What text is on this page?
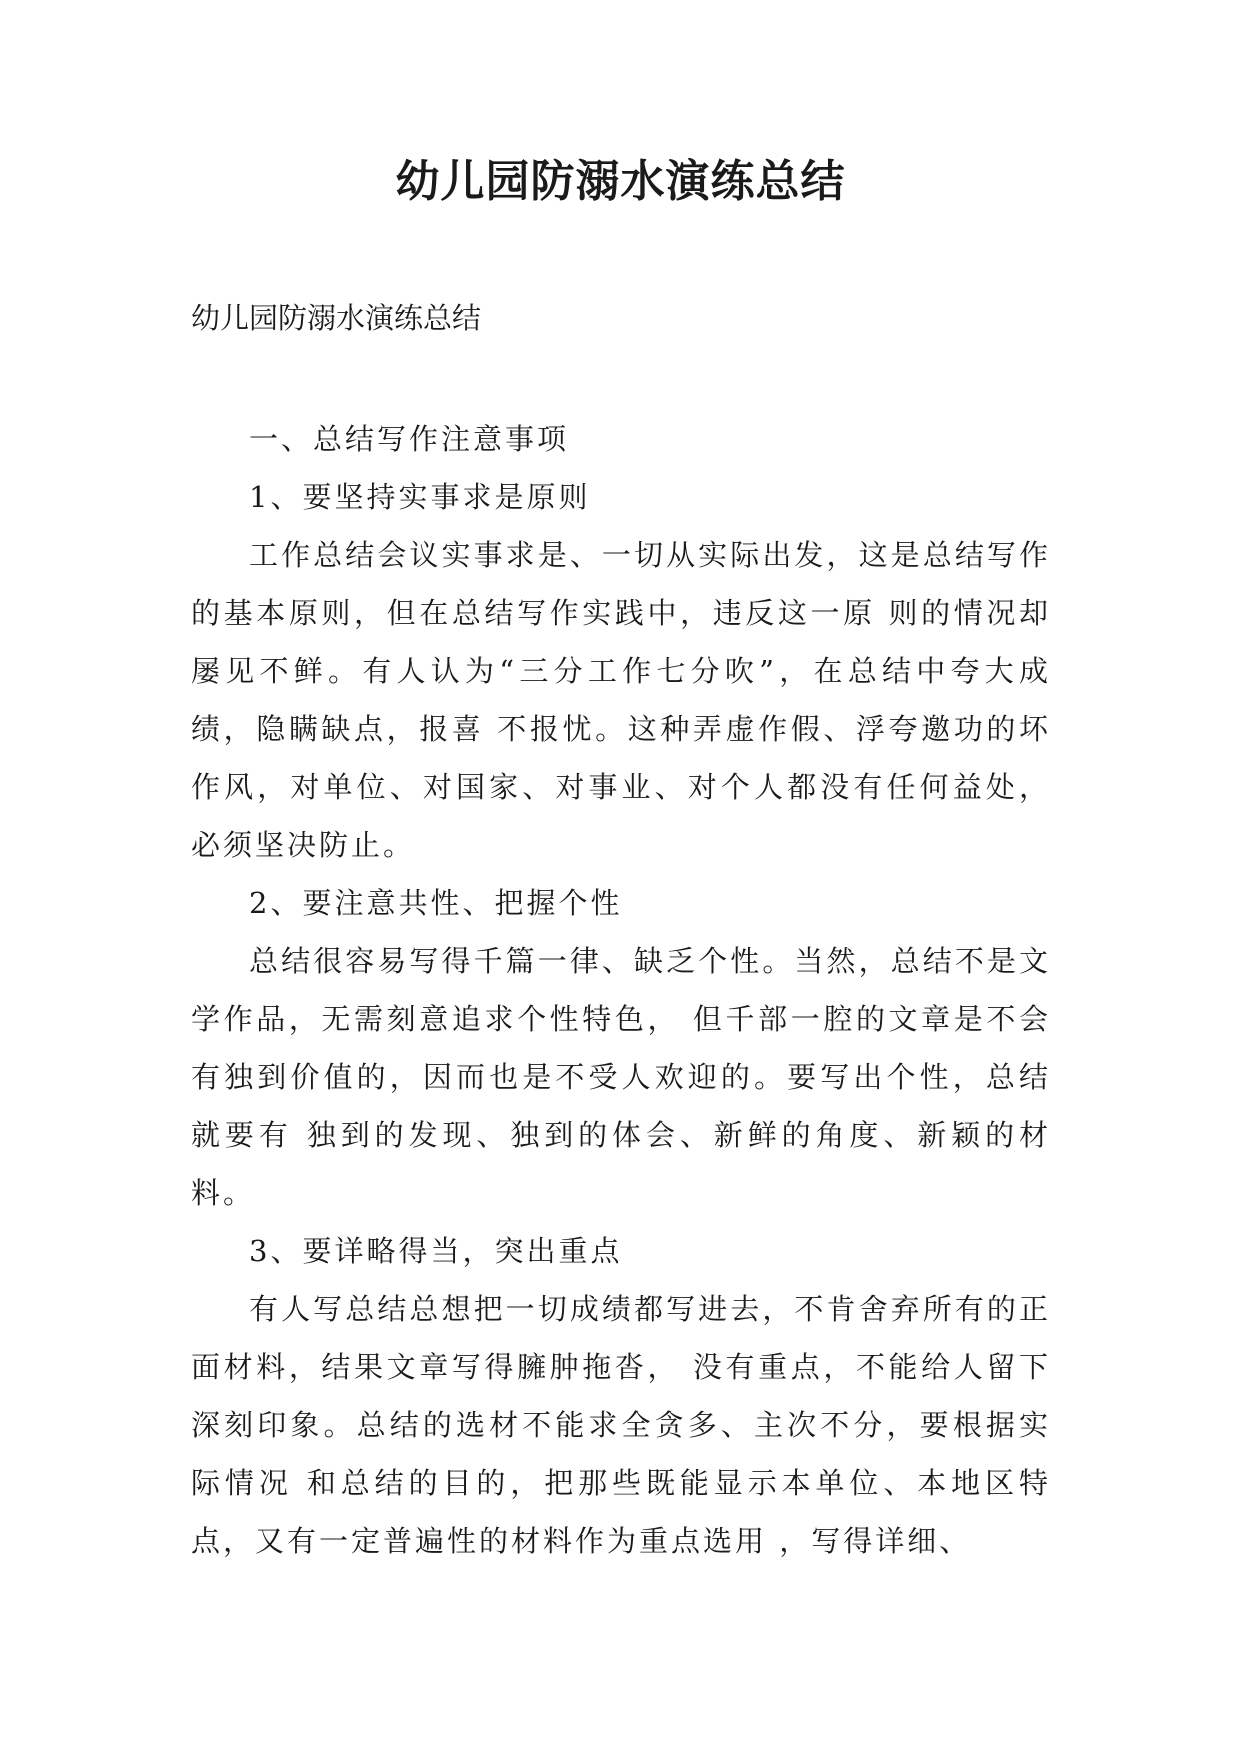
幼儿园防溺水演练总结

幼儿园防溺水演练总结

一、总结写作注意事项

1、要坚持实事求是原则

工作总结会议实事求是、一切从实际出发，这是总结写作的基本原则，但在总结写作实践中，违反这一原 则的情况却屡见不鲜。有人认为“三分工作七分吹”，在总结中夸大成绩，隐瞒缺点，报喜 不报忧。这种弄虚作假、浮夸邀功的坏作风，对单位、对国家、对事业、对个人都没有任何益处，必须坚决防止。

2、要注意共性、把握个性

总结很容易写得千篇一律、缺乏个性。当然，总结不是文学作品，无需刻意追求个性特色， 但千部一腔的文章是不会有独到价值的，因而也是不受人欢迎的。要写出个性，总结就要有 独到的发现、独到的体会、新鲜的角度、新颖的材料。

3、要详略得当，突出重点

有人写总结总想把一切成绩都写进去，不肯舍弃所有的正面材料，结果文章写得臃肿拖沓， 没有重点，不能给人留下深刻印象。总结的选材不能求全贪多、主次不分，要根据实际情况 和总结的目的，把那些既能显示本单位、本地区特点，又有一定普遍性的材料作为重点选用 ，写得详细、
